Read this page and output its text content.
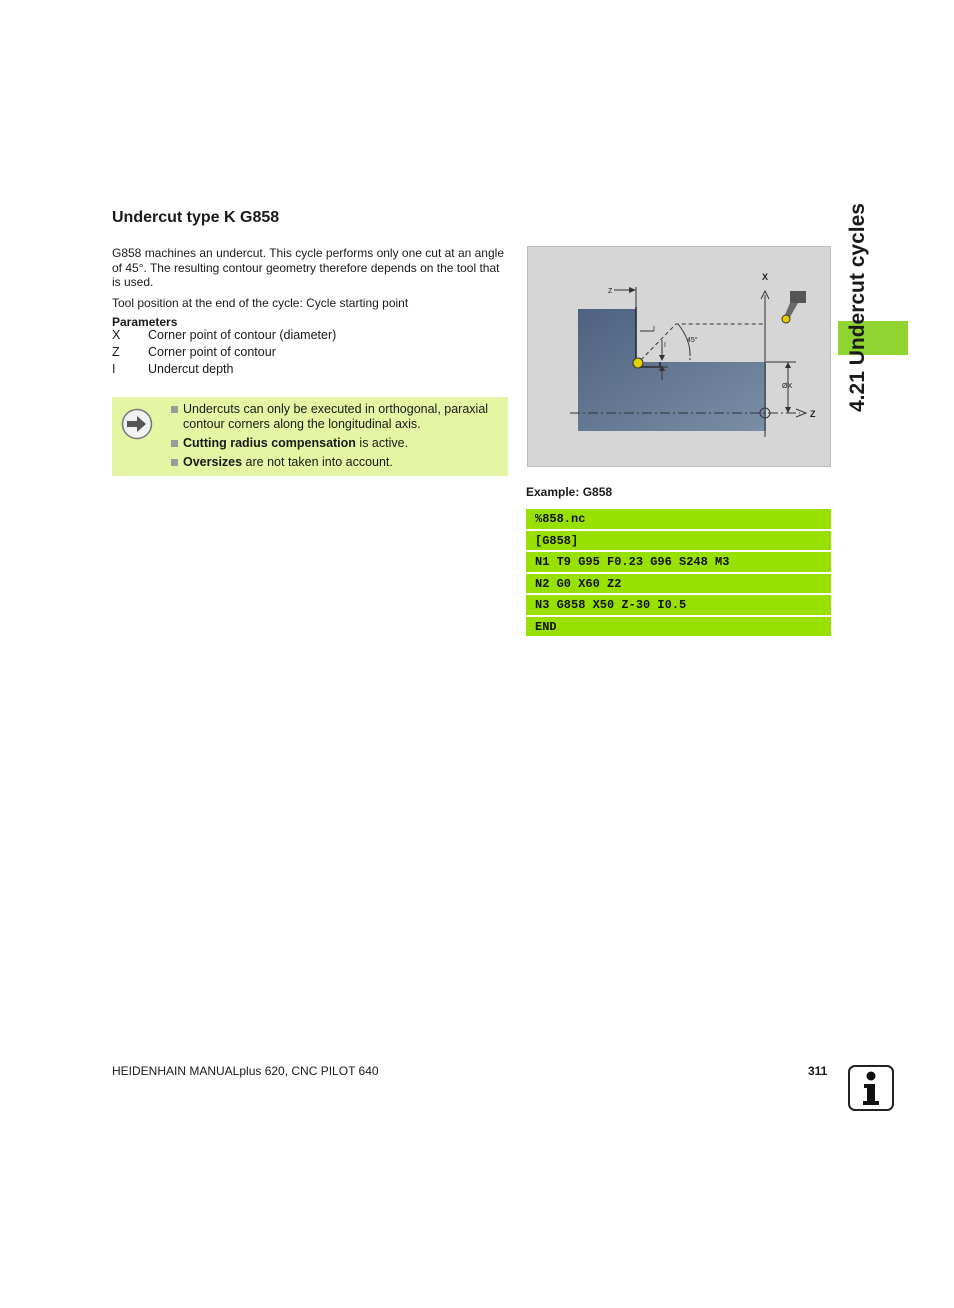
Undercut type K G858

G858 machines an undercut. This cycle performs only one cut at an angle of 45°. The resulting contour geometry therefore depends on the tool that is used.

Tool position at the end of the cycle: Cycle starting point

Parameters
X Corner point of contour (diameter)
Z Corner point of contour
I	Undercut depth
Undercuts can only be executed in orthogonal, paraxial contour corners along the longitudinal axis.
Cutting radius compensation is active.
Oversizes are not taken into account.
X
Z
Z
45°
I
I
ØX
Example: G858
%858.nc
[G858]
N1 T9 G95 F0.23 G96 S248 M3
N2 G0 X60 Z2
N3 G858 X50 Z-30 I0.5
END
4.21 Undercut cycles
HEIDENHAIN MANUALplus 620, CNC PILOT 640	311
